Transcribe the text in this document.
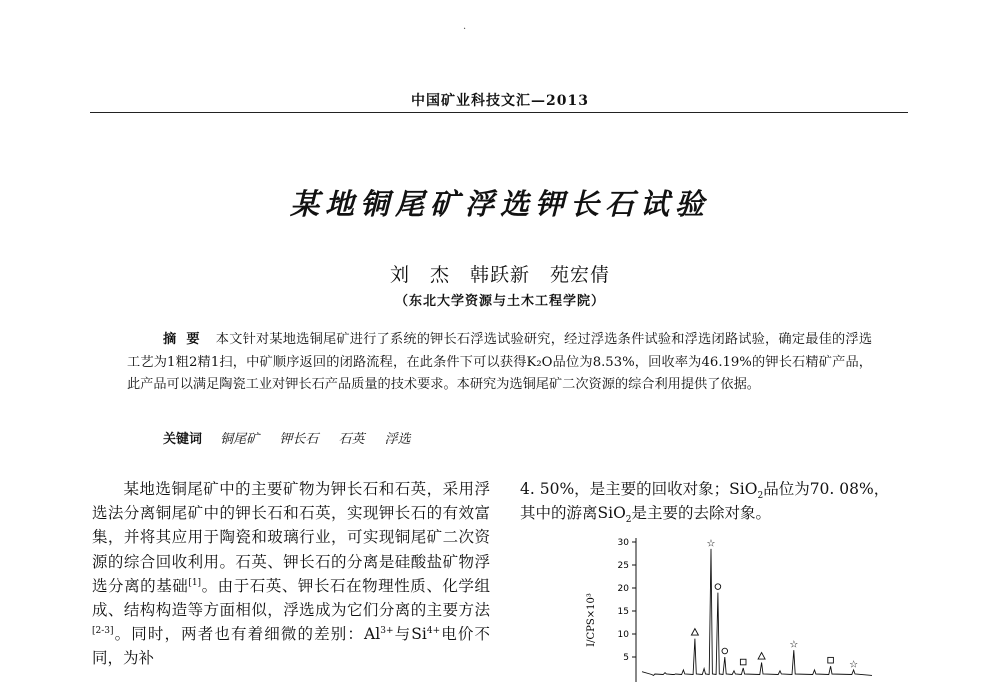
·
中国矿业科技文汇—2013
某地铜尾矿浮选钾长石试验
刘　杰　韩跃新　苑宏倩
（东北大学资源与土木工程学院）
摘要 本文针对某地选铜尾矿进行了系统的钾长石浮选试验研究，经过浮选条件试验和浮选闭路试验，确定最佳的浮选工艺为1粗2精1扫，中矿顺序返回的闭路流程，在此条件下可以获得K₂O品位为8.53%，回收率为46.19%的钾长石精矿产品，此产品可以满足陶瓷工业对钾长石产品质量的技术要求。本研究为选铜尾矿二次资源的综合利用提供了依据。
关键词 铜尾矿 钾长石 石英 浮选
某地选铜尾矿中的主要矿物为钾长石和石英，采用浮选法分离铜尾矿中的钾长石和石英，实现钾长石的有效富集，并将其应用于陶瓷和玻璃行业，可实现铜尾矿二次资源的综合回收利用。石英、钾长石的分离是硅酸盐矿物浮选分离的基础[1]。由于石英、钾长石在物理性质、化学组成、结构构造等方面相似，浮选成为它们分离的主要方法[2-3]。同时，两者也有着细微的差别：$Al^{3+}$与$Si^{4+}$电价不同，为补
4. 50%，是主要的回收对象；SiO$_2$品位为70. 08%，
其中的游离SiO$_2$是主要的去除对象。
I/CPS×10³
30
25
20
15
10
5
☆
☆
☆
